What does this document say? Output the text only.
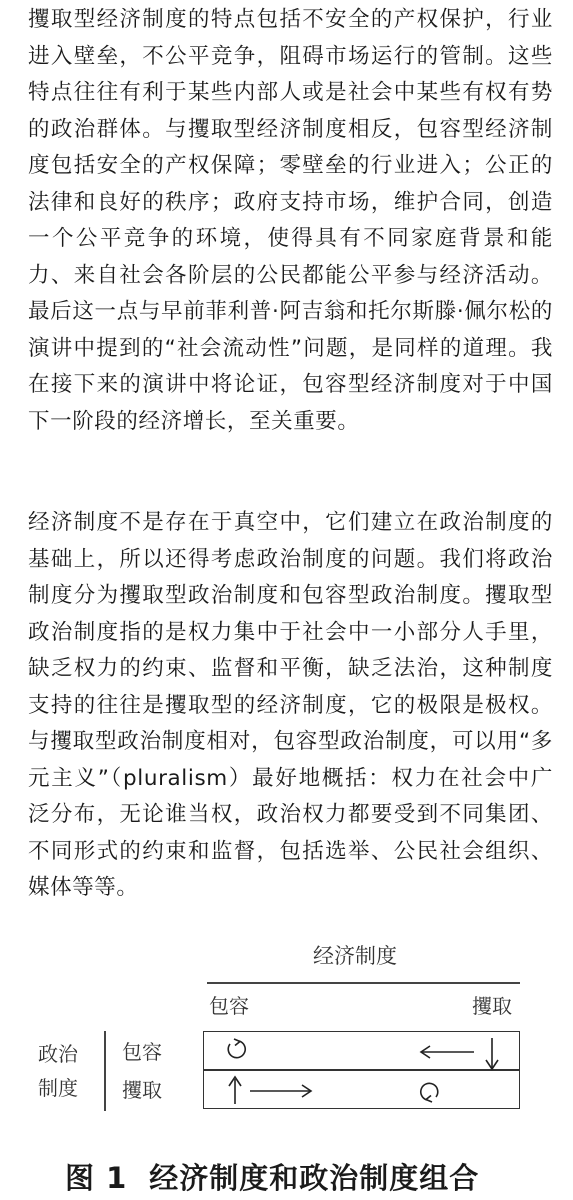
攫取型经济制度的特点包括不安全的产权保护，行业进入壁垒，不公平竞争，阻碍市场运行的管制。这些特点往往有利于某些内部人或是社会中某些有权有势的政治群体。与攫取型经济制度相反，包容型经济制度包括安全的产权保障；零壁垒的行业进入；公正的法律和良好的秩序；政府支持市场，维护合同，创造一个公平竞争的环境，使得具有不同家庭背景和能力、来自社会各阶层的公民都能公平参与经济活动。最后这一点与早前菲利普·阿吉翁和托尔斯滕·佩尔松的演讲中提到的“社会流动性”问题，是同样的道理。我在接下来的演讲中将论证，包容型经济制度对于中国下一阶段的经济增长，至关重要。

经济制度不是存在于真空中，它们建立在政治制度的基础上，所以还得考虑政治制度的问题。我们将政治制度分为攫取型政治制度和包容型政治制度。攫取型政治制度指的是权力集中于社会中一小部分人手里，缺乏权力的约束、监督和平衡，缺乏法治，这种制度支持的往往是攫取型的经济制度，它的极限是极权。与攫取型政治制度相对，包容型政治制度，可以用“多元主义”（pluralism）最好地概括：权力在社会中广泛分布，无论谁当权，政治权力都要受到不同集团、不同形式的约束和监督，包括选举、公民社会组织、媒体等等。

经济制度
包容	攫取
政治
制度
包容
攫取
图 1 经济制度和政治制度组合
